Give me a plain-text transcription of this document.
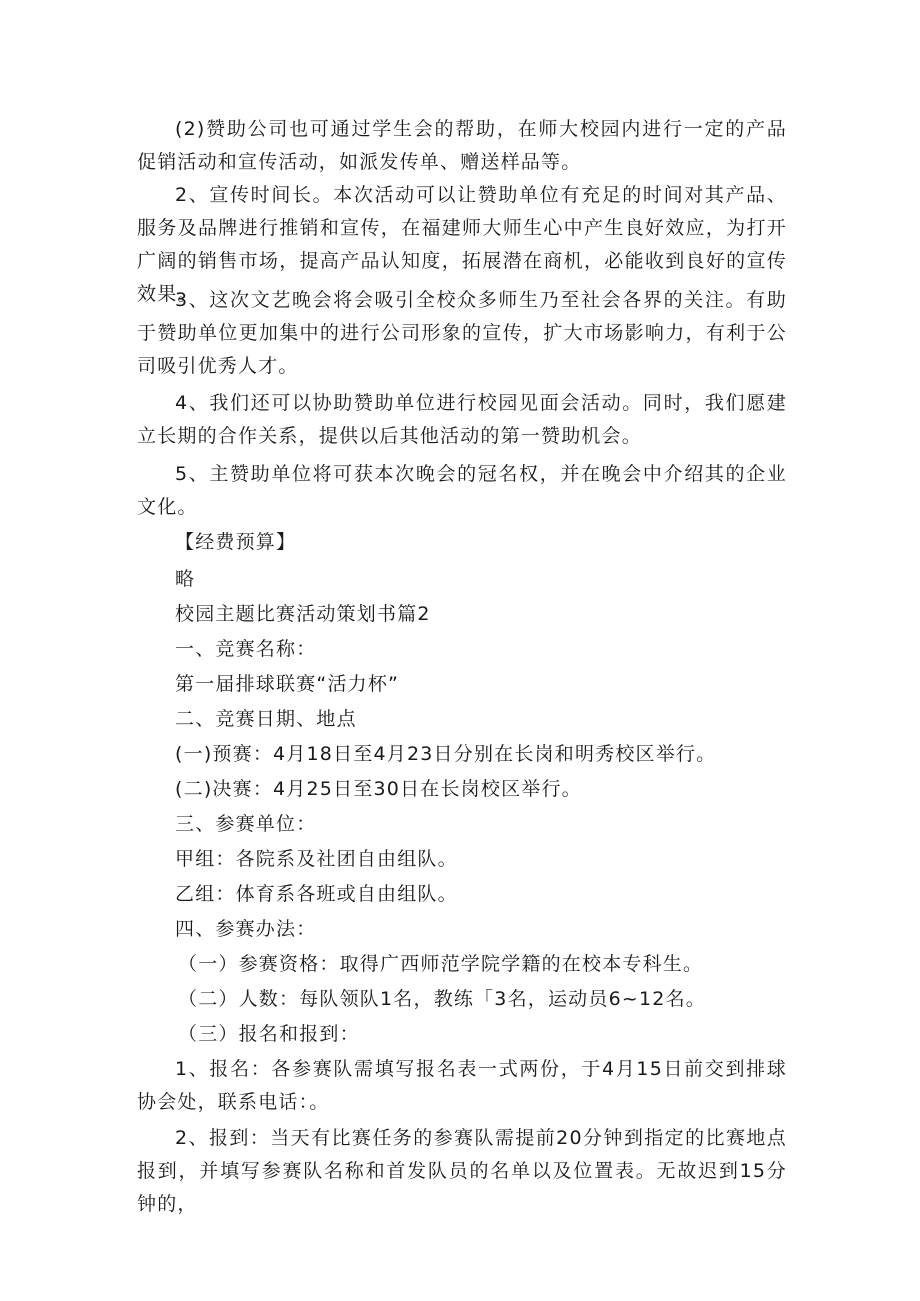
(2)赞助公司也可通过学生会的帮助，在师大校园内进行一定的产品促销活动和宣传活动，如派发传单、赠送样品等。
2、宣传时间长。本次活动可以让赞助单位有充足的时间对其产品、服务及品牌进行推销和宣传，在福建师大师生心中产生良好效应，为打开广阔的销售市场，提高产品认知度，拓展潜在商机，必能收到良好的宣传效果。
3、这次文艺晚会将会吸引全校众多师生乃至社会各界的关注。有助于赞助单位更加集中的进行公司形象的宣传，扩大市场影响力，有利于公司吸引优秀人才。
4、我们还可以协助赞助单位进行校园见面会活动。同时，我们愿建立长期的合作关系，提供以后其他活动的第一赞助机会。
5、主赞助单位将可获本次晚会的冠名权，并在晚会中介绍其的企业文化。
【经费预算】
略
校园主题比赛活动策划书篇2
一、竞赛名称：
第一届排球联赛“活力杯”
二、竞赛日期、地点
(一)预赛：4月18日至4月23日分别在长岗和明秀校区举行。
(二)决赛：4月25日至30日在长岗校区举行。
三、参赛单位：
甲组：各院系及社团自由组队。
乙组：体育系各班或自由组队。
四、参赛办法：
（一）参赛资格：取得广西师范学院学籍的在校本专科生。
（二）人数：每队领队1名，教练「3名，运动员6~12名。
（三）报名和报到：
1、报名：各参赛队需填写报名表一式两份，于4月15日前交到排球协会处，联系电话：。
2、报到：当天有比赛任务的参赛队需提前20分钟到指定的比赛地点报到，并填写参赛队名称和首发队员的名单以及位置表。无故迟到15分钟的，
